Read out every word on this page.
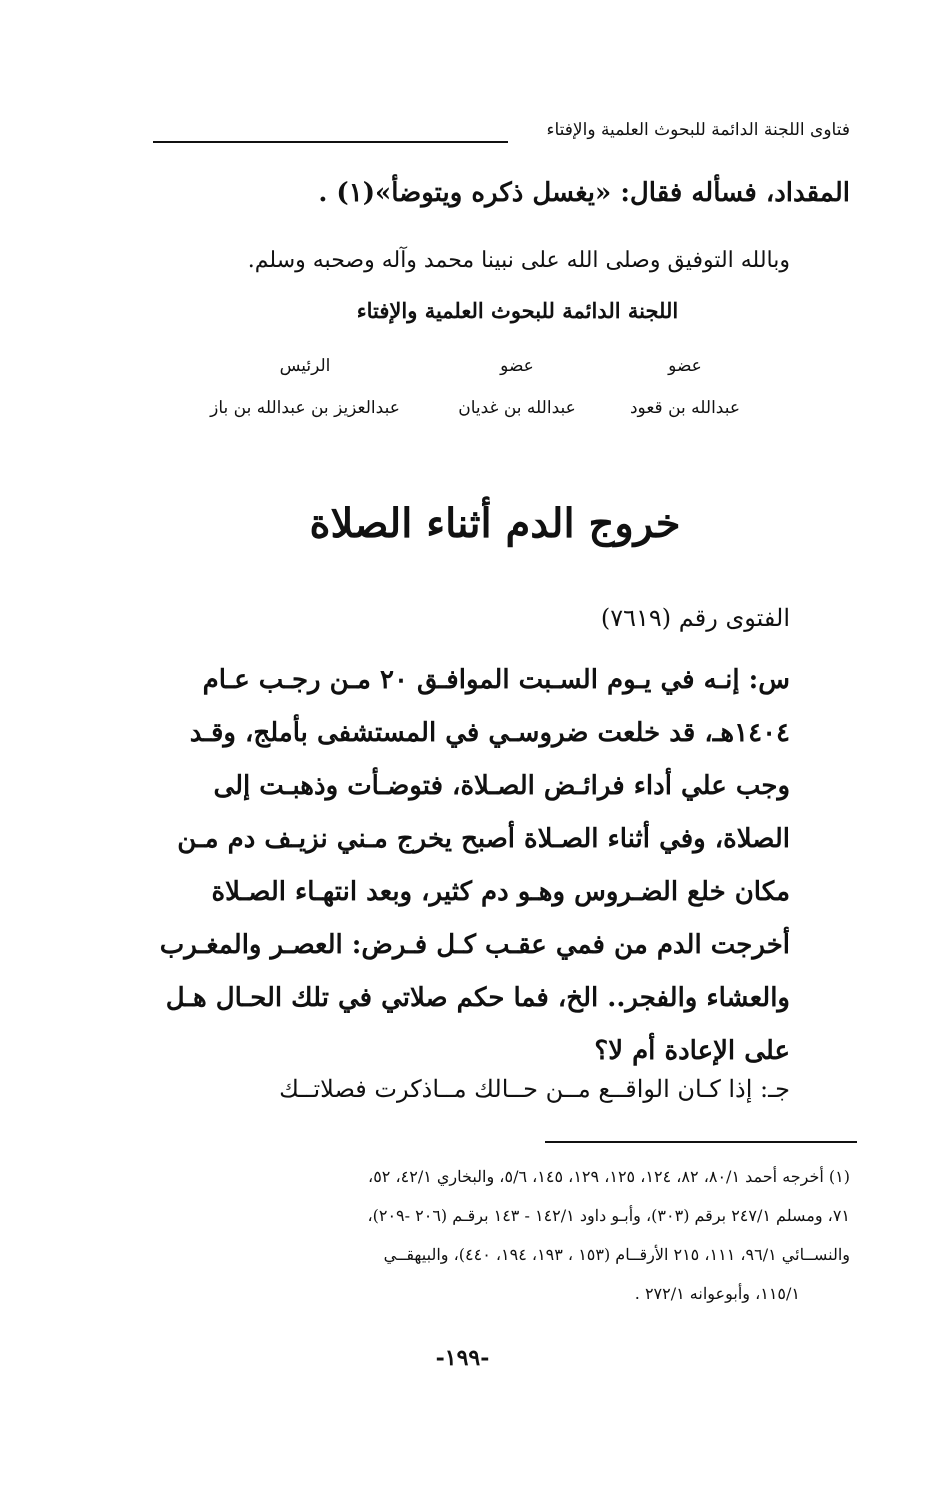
فتاوى اللجنة الدائمة للبحوث العلمية والإفتاء
المقداد، فسأله فقال: «يغسل ذكره ويتوضأ»(١) .
وبالله التوفيق وصلى الله على نبينا محمد وآله وصحبه وسلم.
اللجنة الدائمة للبحوث العلمية والإفتاء
عضو
عضو
الرئيس
عبدالله بن قعود
عبدالله بن غديان
عبدالعزيز بن عبدالله بن باز
خروج الدم أثناء الصلاة
الفتوى رقم (٧٦١٩)
س: إنـه في يـوم السـبت الموافـق ٢٠ مـن رجـب عـام
١٤٠٤هـ، قد خلعت ضروسـي في المستشفى بأملج، وقـد
وجب علي أداء فرائـض الصـلاة، فتوضـأت وذهبـت إلى
الصلاة، وفي أثناء الصـلاة أصبح يخرج مـني نزيـف دم مـن
مكان خلع الضـروس وهـو دم كثير، وبعد انتهـاء الصـلاة
أخرجت الدم من فمي عقـب كـل فـرض: العصـر والمغـرب
والعشاء والفجر.. الخ، فما حكم صلاتي في تلك الحـال هـل
على الإعادة أم لا؟
جـ: إذا كـان الواقــع مــن حــالك مــاذكرت فصلاتــك
(١) أخرجه أحمد ٨٠/١، ٨٢، ١٢٤، ١٢٥، ١٢٩، ١٤٥، ٥/٦، والبخاري ٤٢/١، ٥٢،
٧١، ومسلم ٢٤٧/١ برقم (٣٠٣)، وأبـو داود ١٤٢/١ - ١٤٣ برقـم (٢٠٦ -٢٠٩)،
والنســائي ٩٦/١، ١١١، ٢١٥ الأرقــام (١٥٣ ، ١٩٣، ١٩٤، ٤٤٠)، والبيهقــي
١١٥/١، وأبوعوانه ٢٧٢/١ .
-١٩٩-
